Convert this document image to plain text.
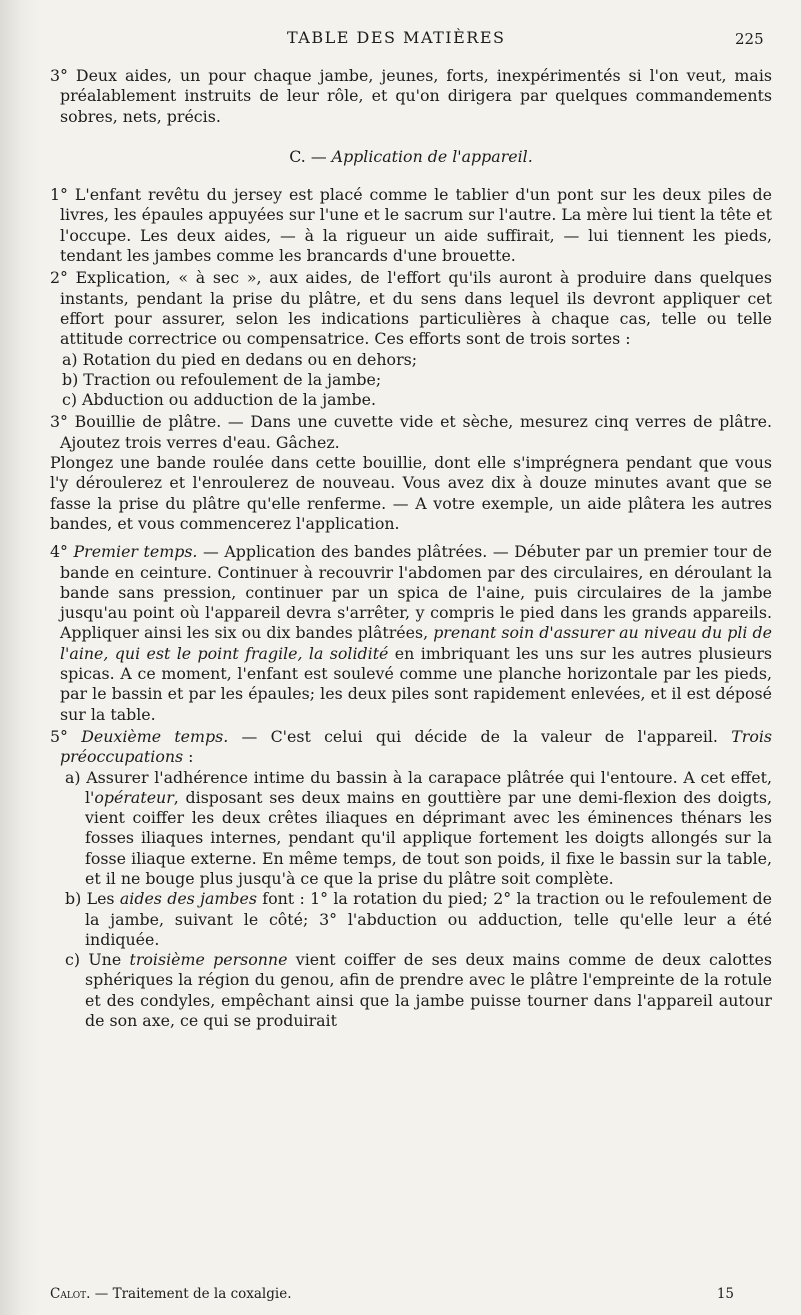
TABLE DES MATIÈRES	225

3° Deux aides, un pour chaque jambe, jeunes, forts, inexpérimentés si l'on veut, mais préalablement instruits de leur rôle, et qu'on dirigera par quelques commandements sobres, nets, précis.

C. — Application de l'appareil.

1° L'enfant revêtu du jersey est placé comme le tablier d'un pont sur les deux piles de livres, les épaules appuyées sur l'une et le sacrum sur l'autre. La mère lui tient la tête et l'occupe. Les deux aides, — à la rigueur un aide suffirait, — lui tiennent les pieds, tendant les jambes comme les brancards d'une brouette.

2° Explication, « à sec », aux aides, de l'effort qu'ils auront à produire dans quelques instants, pendant la prise du plâtre, et du sens dans lequel ils devront appliquer cet effort pour assurer, selon les indications particulières à chaque cas, telle ou telle attitude correctrice ou compensatrice. Ces efforts sont de trois sortes :

a) Rotation du pied en dedans ou en dehors;

b) Traction ou refoulement de la jambe;

c) Abduction ou adduction de la jambe.

3° Bouillie de plâtre. — Dans une cuvette vide et sèche, mesurez cinq verres de plâtre. Ajoutez trois verres d'eau. Gâchez.

Plongez une bande roulée dans cette bouillie, dont elle s'imprégnera pendant que vous l'y déroulerez et l'enroulerez de nouveau. Vous avez dix à douze minutes avant que se fasse la prise du plâtre qu'elle renferme. — A votre exemple, un aide plâtera les autres bandes, et vous commencerez l'application.

4° Premier temps. — Application des bandes plâtrées. — Débuter par un premier tour de bande en ceinture. Continuer à recouvrir l'abdomen par des circulaires, en déroulant la bande sans pression, continuer par un spica de l'aine, puis circulaires de la jambe jusqu'au point où l'appareil devra s'arrêter, y compris le pied dans les grands appareils. Appliquer ainsi les six ou dix bandes plâtrées, prenant soin d'assurer au niveau du pli de l'aine, qui est le point fragile, la solidité en imbriquant les uns sur les autres plusieurs spicas. A ce moment, l'enfant est soulevé comme une planche horizontale par les pieds, par le bassin et par les épaules; les deux piles sont rapidement enlevées, et il est déposé sur la table.

5° Deuxième temps. — C'est celui qui décide de la valeur de l'appareil. Trois préoccupations :

a) Assurer l'adhérence intime du bassin à la carapace plâtrée qui l'entoure. A cet effet, l'opérateur, disposant ses deux mains en gouttière par une demi-flexion des doigts, vient coiffer les deux crêtes iliaques en déprimant avec les éminences thénars les fosses iliaques internes, pendant qu'il applique fortement les doigts allongés sur la fosse iliaque externe. En même temps, de tout son poids, il fixe le bassin sur la table, et il ne bouge plus jusqu'à ce que la prise du plâtre soit complète.

b) Les aides des jambes font : 1° la rotation du pied; 2° la traction ou le refoulement de la jambe, suivant le côté; 3° l'abduction ou adduction, telle qu'elle leur a été indiquée.

c) Une troisième personne vient coiffer de ses deux mains comme de deux calottes sphériques la région du genou, afin de prendre avec le plâtre l'empreinte de la rotule et des condyles, empêchant ainsi que la jambe puisse tourner dans l'appareil autour de son axe, ce qui se produirait

Calot. — Traitement de la coxalgie.	15
